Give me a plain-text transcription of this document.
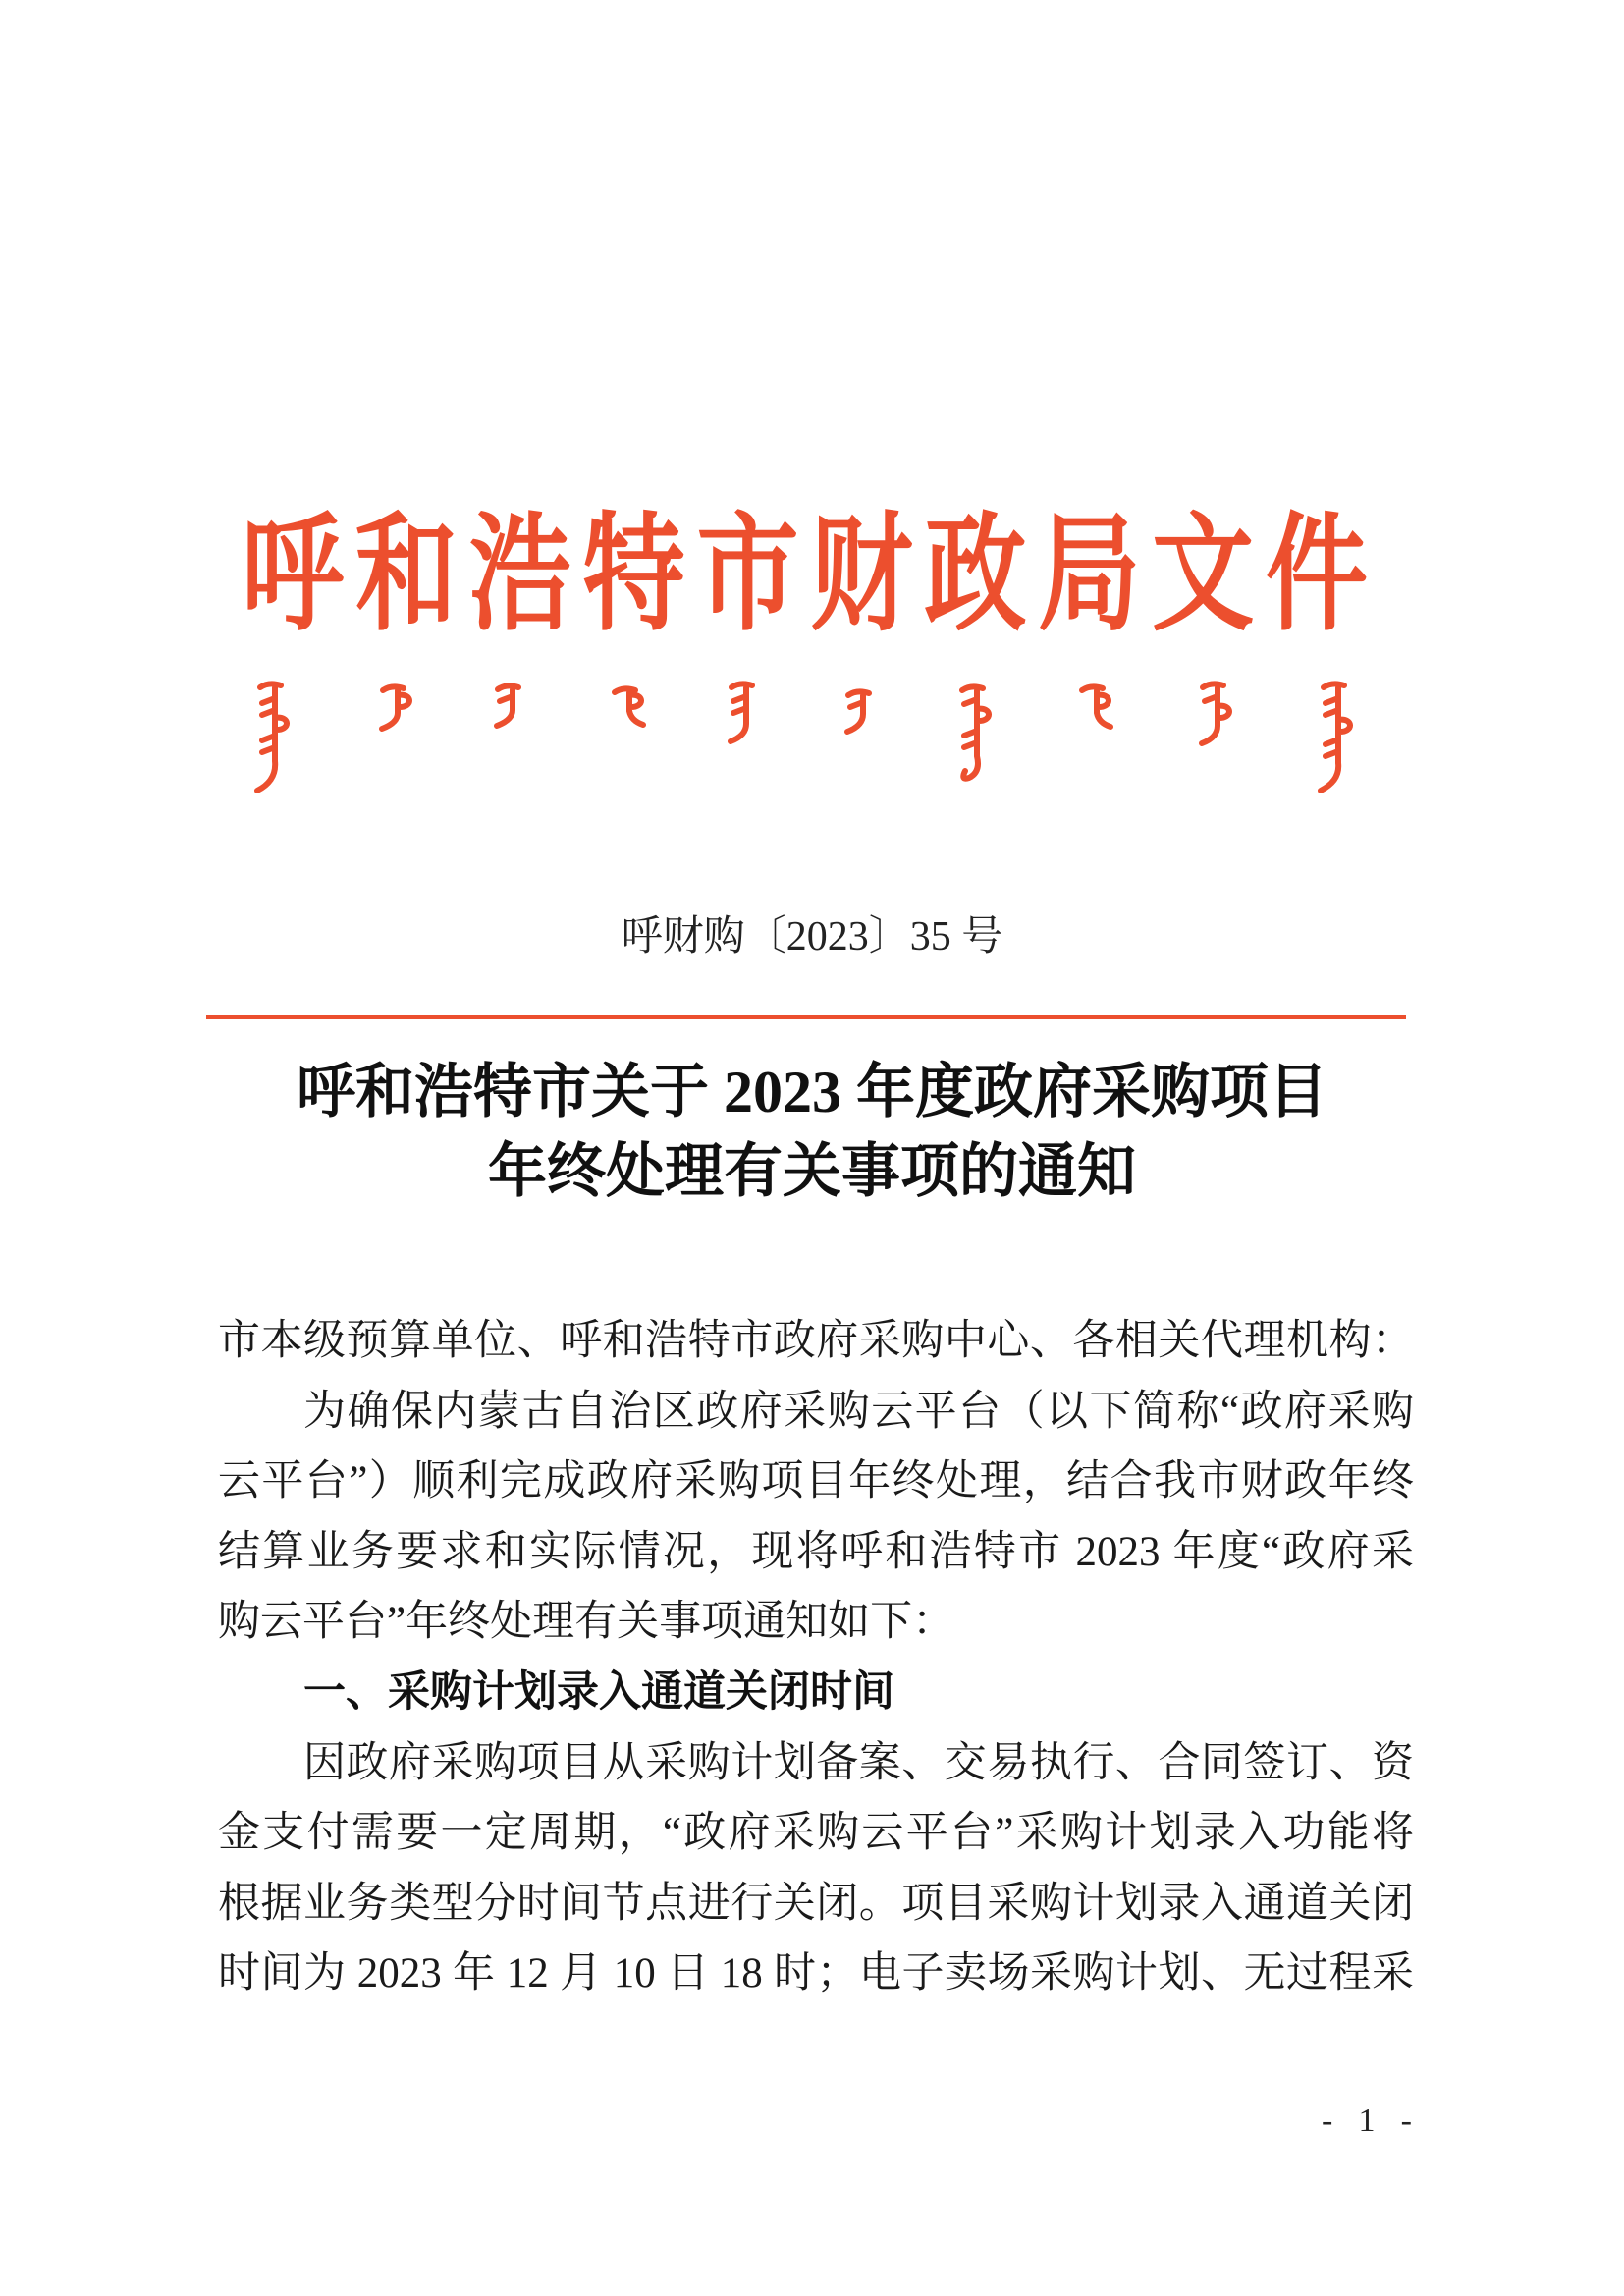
呼和浩特市财政局文件
呼财购〔2023〕35 号
呼和浩特市关于 2023 年度政府采购项目
年终处理有关事项的通知
市本级预算单位、呼和浩特市政府采购中心、各相关代理机构：
为确保内蒙古自治区政府采购云平台（以下简称“政府采购
云平台”）顺利完成政府采购项目年终处理，结合我市财政年终
结算业务要求和实际情况，现将呼和浩特市 2023 年度“政府采
购云平台”年终处理有关事项通知如下：
一、采购计划录入通道关闭时间
因政府采购项目从采购计划备案、交易执行、合同签订、资
金支付需要一定周期，“政府采购云平台”采购计划录入功能将
根据业务类型分时间节点进行关闭。项目采购计划录入通道关闭
时间为 2023 年 12 月 10 日 18 时；电子卖场采购计划、无过程采
- 1 -
